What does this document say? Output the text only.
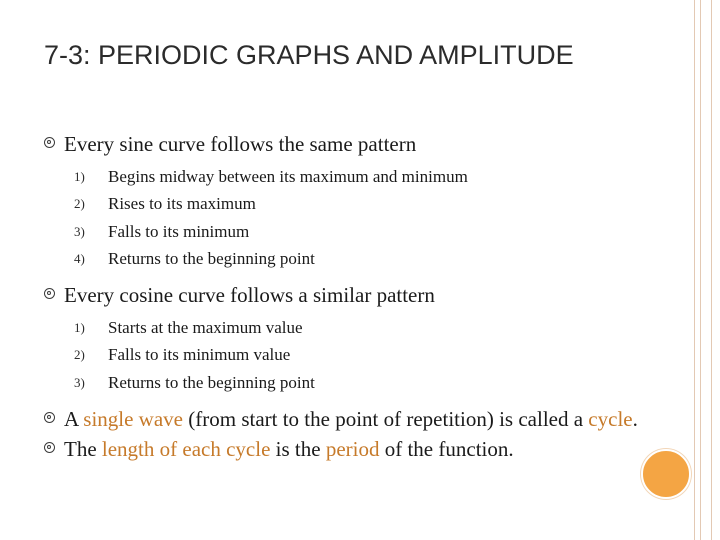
7-3: PERIODIC GRAPHS AND AMPLITUDE
Every sine curve follows the same pattern
1) Begins midway between its maximum and minimum
2) Rises to its maximum
3) Falls to its minimum
4) Returns to the beginning point
Every cosine curve follows a similar pattern
1) Starts at the maximum value
2) Falls to its minimum value
3) Returns to the beginning point
A single wave (from start to the point of repetition) is called a cycle.
The length of each cycle is the period of the function.
